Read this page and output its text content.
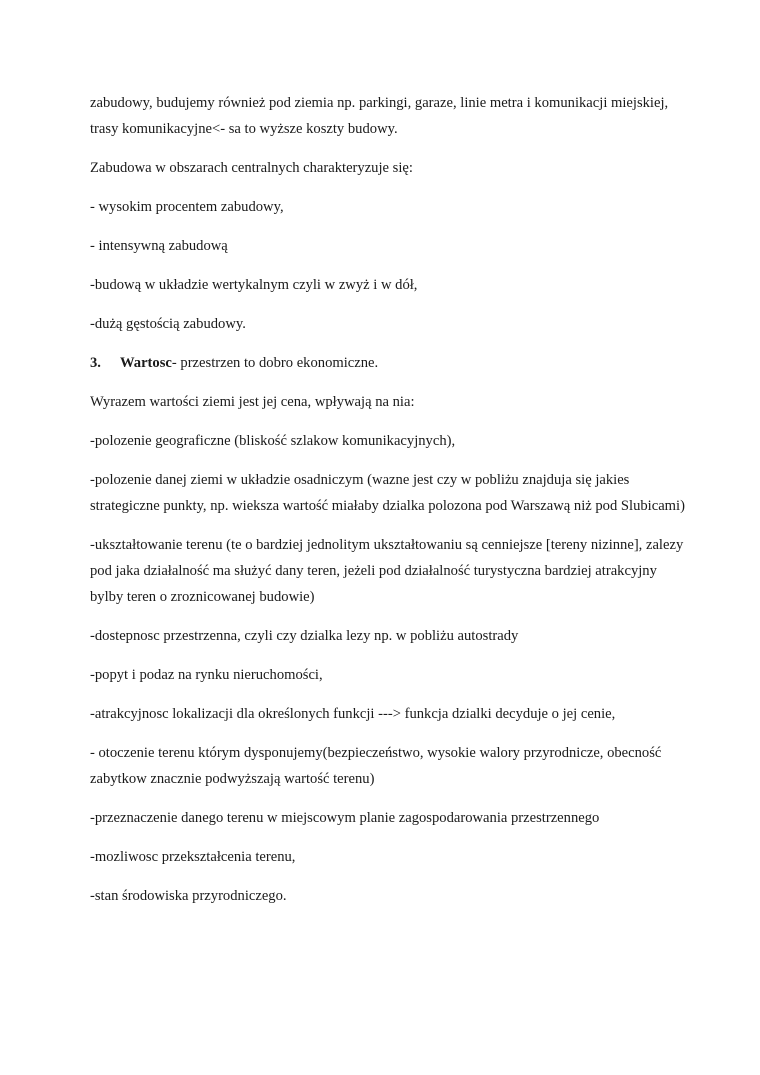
zabudowy, budujemy również pod ziemia np. parkingi, garaze, linie metra i komunikacji miejskiej, trasy komunikacyjne<- sa to wyższe koszty budowy.

Zabudowa w obszarach centralnych charakteryzuje się:

- wysokim procentem zabudowy,

- intensywną zabudową

-budową w układzie wertykalnym czyli w zwyż i w dół,

-dużą gęstością zabudowy.

3.	Wartosc- przestrzen to dobro ekonomiczne.

Wyrazem wartości ziemi jest jej cena, wpływają na nia:

-polozenie geograficzne (bliskość szlakow komunikacyjnych),

-polozenie danej ziemi w układzie osadniczym (wazne jest czy w pobliżu znajduja się jakies strategiczne punkty, np. wieksza wartość miałaby dzialka polozona pod Warszawą niż pod Slubicami)

-ukształtowanie terenu (te o bardziej jednolitym ukształtowaniu są cenniejsze [tereny nizinne], zalezy pod jaka działalność ma służyć dany teren, jeżeli pod działalność turystyczna bardziej atrakcyjny bylby teren o zroznicowanej budowie)

-dostepnosc przestrzenna, czyli czy dzialka lezy np. w pobliżu autostrady

-popyt i podaz na rynku nieruchomości,

-atrakcyjnosc lokalizacji dla określonych funkcji ---> funkcja dzialki decyduje o jej cenie,

- otoczenie terenu którym dysponujemy(bezpieczeństwo, wysokie walory przyrodnicze, obecność zabytkow znacznie podwyższają wartość terenu)

-przeznaczenie danego terenu w miejscowym planie zagospodarowania przestrzennego

-mozliwosc przekształcenia terenu,

-stan środowiska przyrodniczego.
